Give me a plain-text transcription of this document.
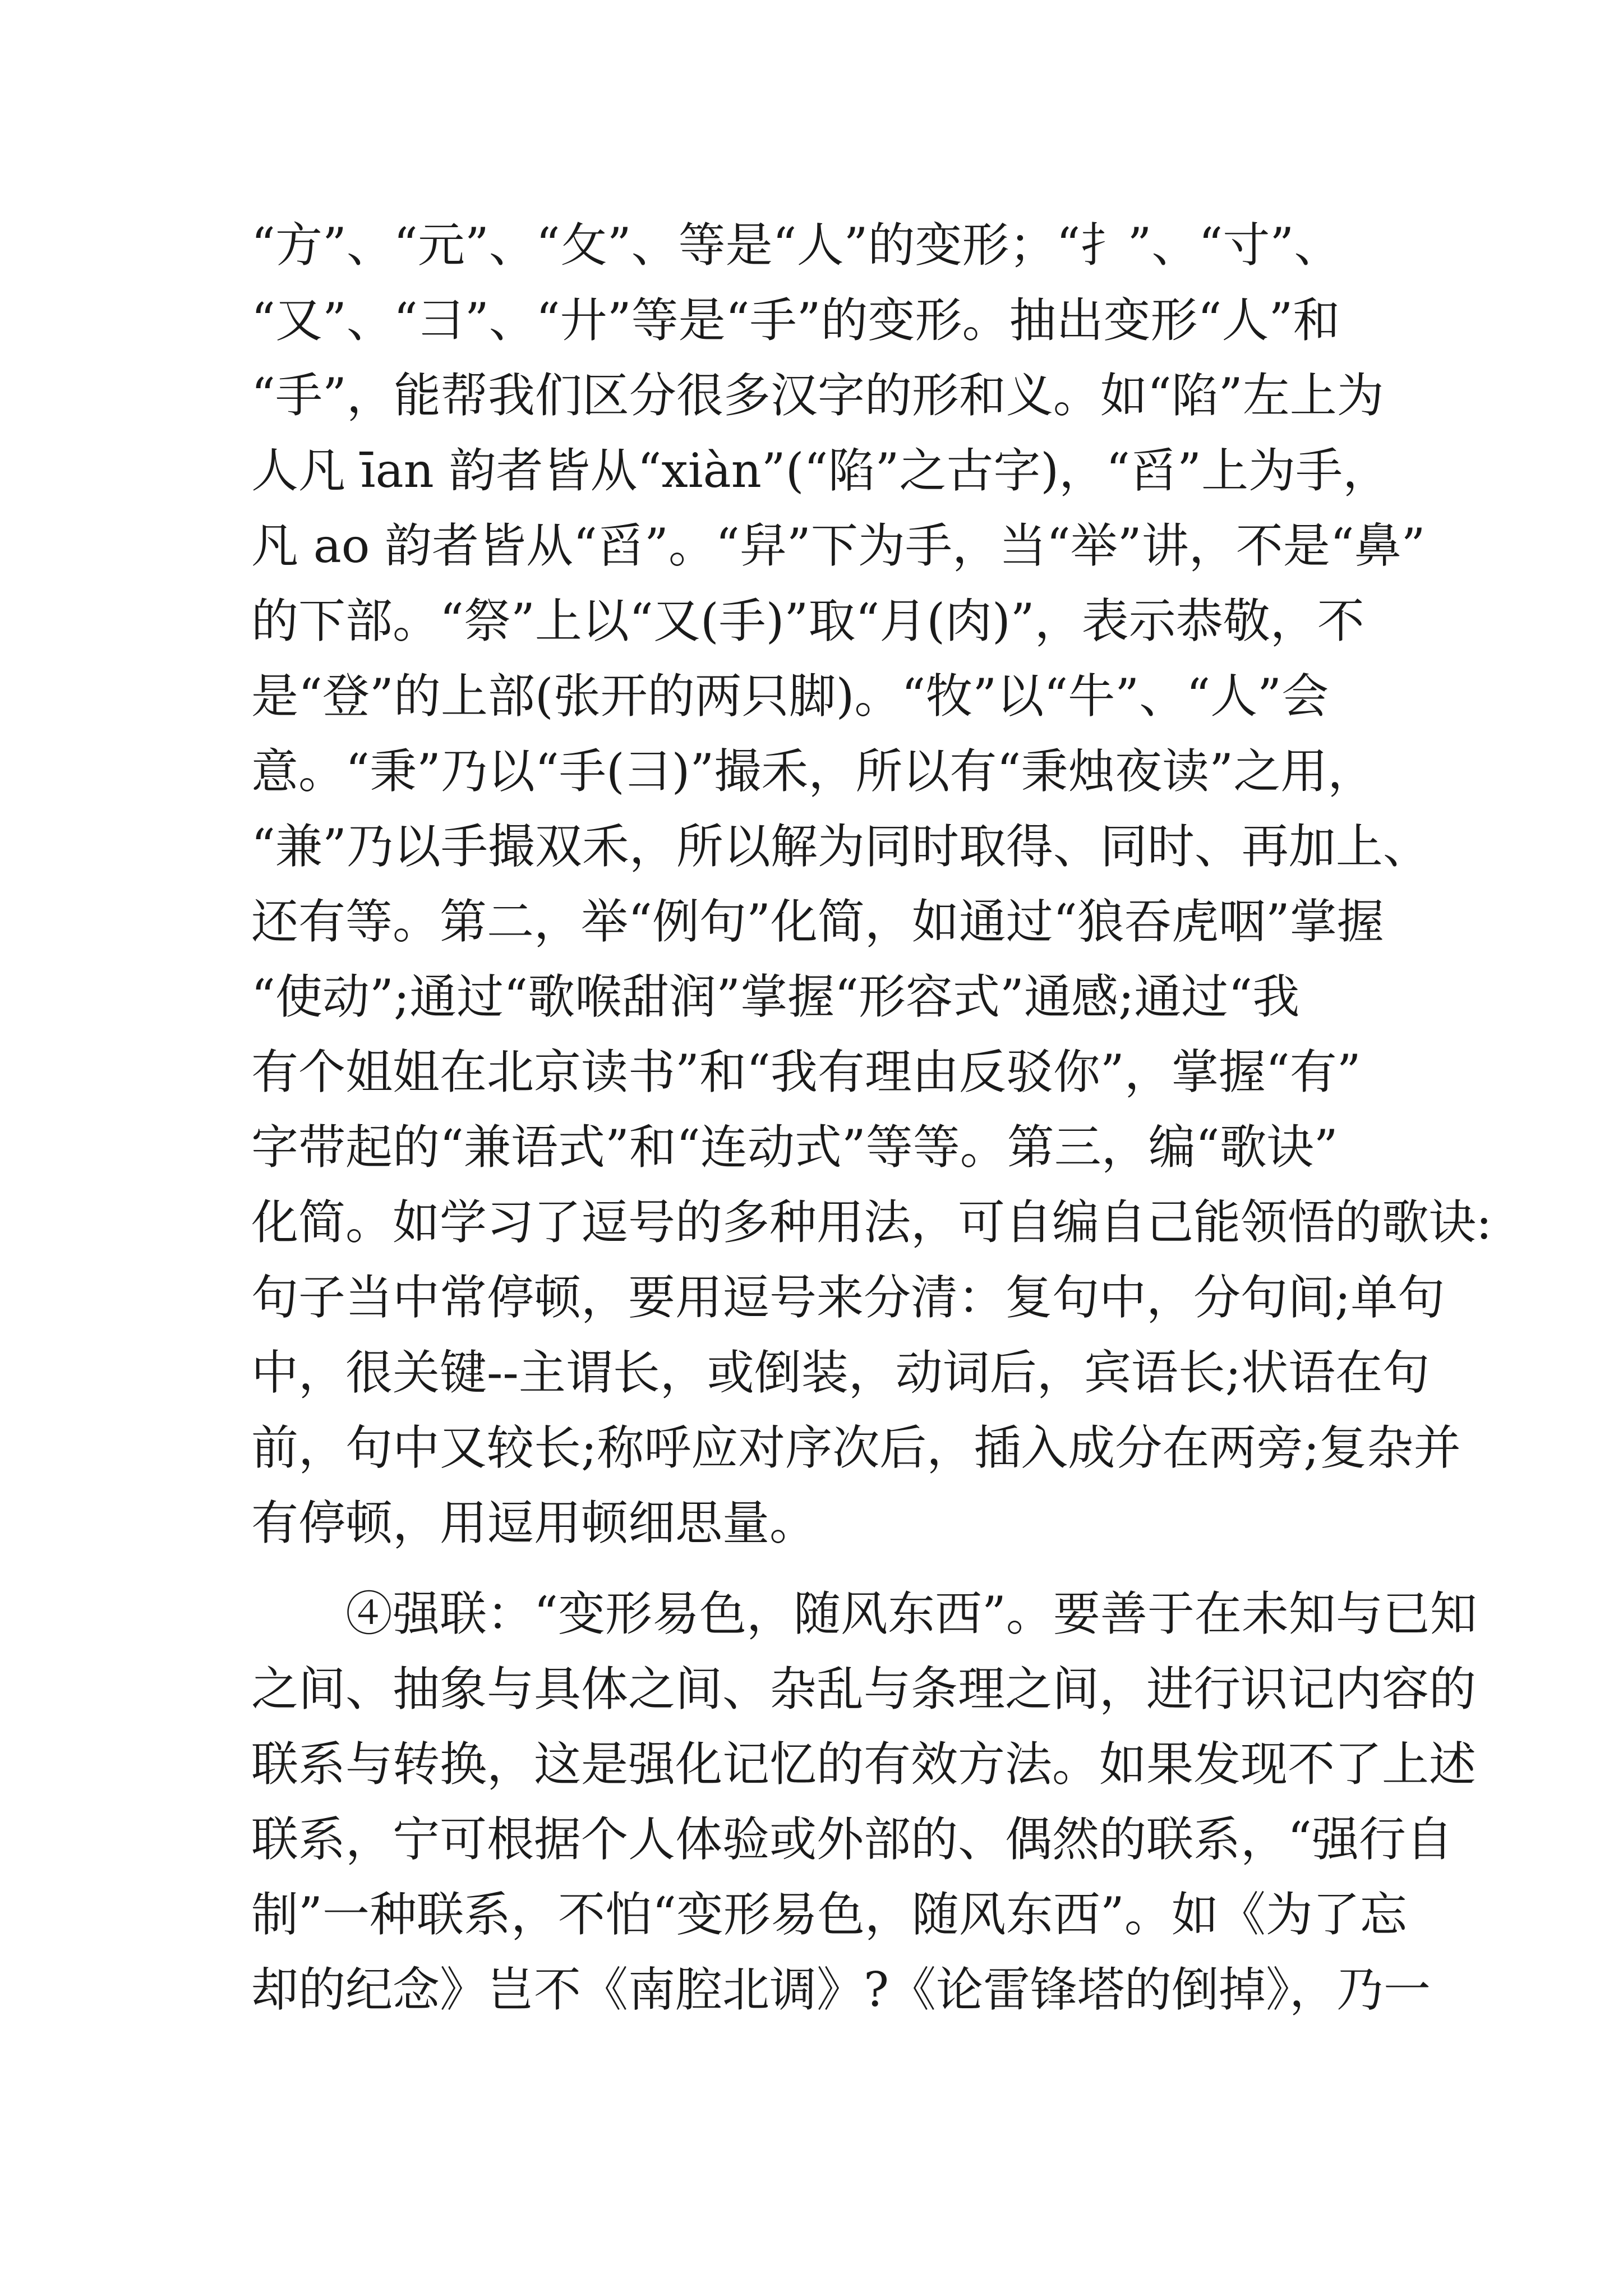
“方”、“元”、“攵”、等是“人”的变形；“扌”、“寸”、
“又”、“彐”、“廾”等是“手”的变形。抽出变形“人”和
“手”，能帮我们区分很多汉字的形和义。如“陷”左上为
人凡 īan 韵者皆从“xiàn”(“陷”之古字)，“舀”上为手，
凡 ao 韵者皆从“舀”。“舁”下为手，当“举”讲，不是“鼻”
的下部。“祭”上以“又(手)”取“月(肉)”，表示恭敬，不
是“登”的上部(张开的两只脚)。“牧”以“牛”、“人”会
意。“秉”乃以“手(彐)”撮禾，所以有“秉烛夜读”之用，
“兼”乃以手撮双禾，所以解为同时取得、同时、再加上、
还有等。第二，举“例句”化简，如通过“狼吞虎咽”掌握
“使动”;通过“歌喉甜润”掌握“形容式”通感;通过“我
有个姐姐在北京读书”和“我有理由反驳你”，掌握“有”
字带起的“兼语式”和“连动式”等等。第三，编“歌诀”
化简。如学习了逗号的多种用法，可自编自己能领悟的歌诀:
句子当中常停顿，要用逗号来分清：复句中，分句间;单句
中，很关键--主谓长，或倒装，动词后，宾语长;状语在句
前，句中又较长;称呼应对序次后，插入成分在两旁;复杂并
有停顿，用逗用顿细思量。
④强联：“变形易色，随风东西”。要善于在未知与已知
之间、抽象与具体之间、杂乱与条理之间，进行识记内容的
联系与转换，这是强化记忆的有效方法。如果发现不了上述
联系，宁可根据个人体验或外部的、偶然的联系，“强行自
制”一种联系，不怕“变形易色，随风东西”。如《为了忘
却的纪念》岂不《南腔北调》?《论雷锋塔的倒掉》，乃一
